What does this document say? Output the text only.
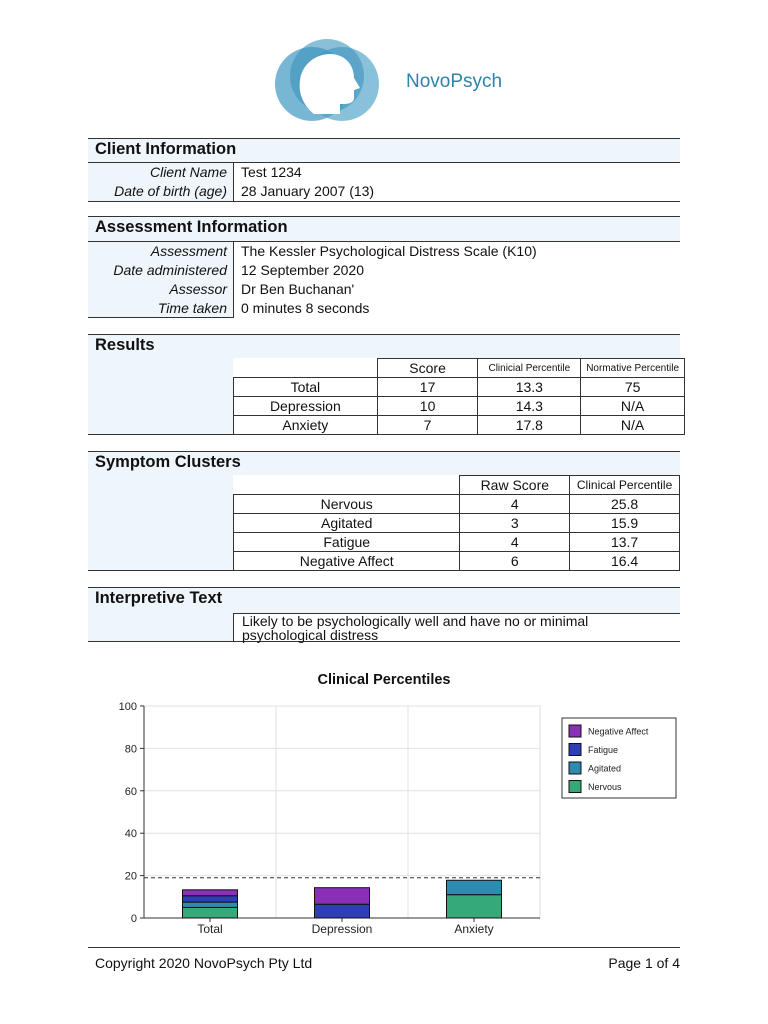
NovoPsych
Client Information
Client Name	Test 1234
Date of birth (age)	28 January 2007 (13)
Assessment Information
Assessment	The Kessler Psychological Distress Scale (K10)
Date administered	12 September 2020
Assessor	Dr Ben Buchanan'
Time taken	0 minutes 8 seconds
Results
	Score	Clinicial Percentile	Normative Percentile
Total	17	13.3	75
Depression	10	14.3	N/A
Anxiety	7	17.8	N/A
Symptom Clusters
	Raw Score	Clinical Percentile
Nervous	4	25.8
Agitated	3	15.9
Fatigue	4	13.7
Negative Affect	6	16.4
Interpretive Text
Likely to be psychologically well and have no or minimal
psychological distress
Clinical Percentiles
0
20
40
60
80
100
Total	Depression	Anxiety
Negative Affect
Fatigue
Agitated
Nervous
Copyright 2020 NovoPsych Pty Ltd	Page 1 of 4
